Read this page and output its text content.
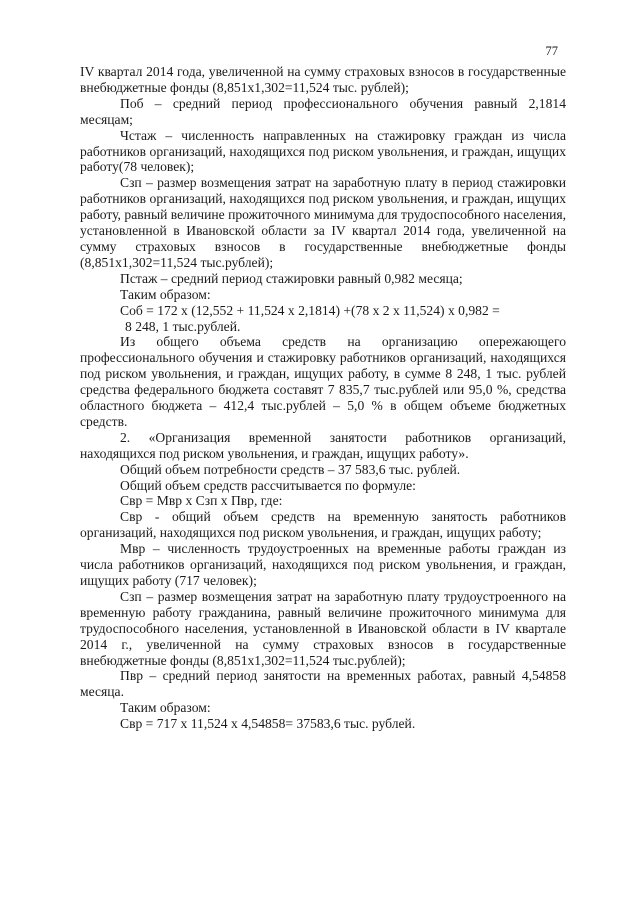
77

IV квартал 2014 года, увеличенной на сумму страховых взносов в государственные внебюджетные фонды (8,851x1,302=11,524 тыс. рублей);

Поб – средний период профессионального обучения равный 2,1814 месяцам;

Чстаж – численность направленных на стажировку граждан из числа работников организаций, находящихся под риском увольнения, и граждан, ищущих работу(78 человек);

Сзп – размер возмещения затрат на заработную плату в период стажировки работников организаций, находящихся под риском увольнения, и граждан, ищущих работу, равный величине прожиточного минимума для трудоспособного населения, установленной в Ивановской области за IV квартал 2014 года, увеличенной на сумму страховых взносов в государственные внебюджетные фонды (8,851x1,302=11,524 тыс.рублей);

Пстаж – средний период стажировки равный 0,982 месяца;

Таким образом:

Соб = 172 х (12,552 + 11,524 х 2,1814) +(78 х 2 х 11,524) х 0,982 =

8 248, 1 тыс.рублей.

Из общего объема средств на организацию опережающего профессионального обучения и стажировку работников организаций, находящихся под риском увольнения, и граждан, ищущих работу, в сумме 8 248, 1 тыс. рублей средства федерального бюджета составят 7 835,7 тыс.рублей или 95,0 %, средства областного бюджета – 412,4 тыс.рублей – 5,0 % в общем объеме бюджетных средств.

2. «Организация временной занятости работников организаций, находящихся под риском увольнения, и граждан, ищущих работу».

Общий объем потребности средств – 37 583,6 тыс. рублей.

Общий объем средств рассчитывается по формуле:

Свр = Мвр х Сзп х Пвр, где:

Свр - общий объем средств на временную занятость работников организаций, находящихся под риском увольнения, и граждан, ищущих работу;

Мвр – численность трудоустроенных на временные работы граждан из числа работников организаций, находящихся под риском увольнения, и граждан, ищущих работу (717 человек);

Сзп – размер возмещения затрат на заработную плату трудоустроенного на временную работу гражданина, равный величине прожиточного минимума для трудоспособного населения, установленной в Ивановской области в IV квартале 2014 г., увеличенной на сумму страховых взносов в государственные внебюджетные фонды (8,851x1,302=11,524 тыс.рублей);

Пвр – средний период занятости на временных работах, равный 4,54858 месяца.

Таким образом:

Свр = 717 х 11,524 х 4,54858= 37583,6 тыс. рублей.
